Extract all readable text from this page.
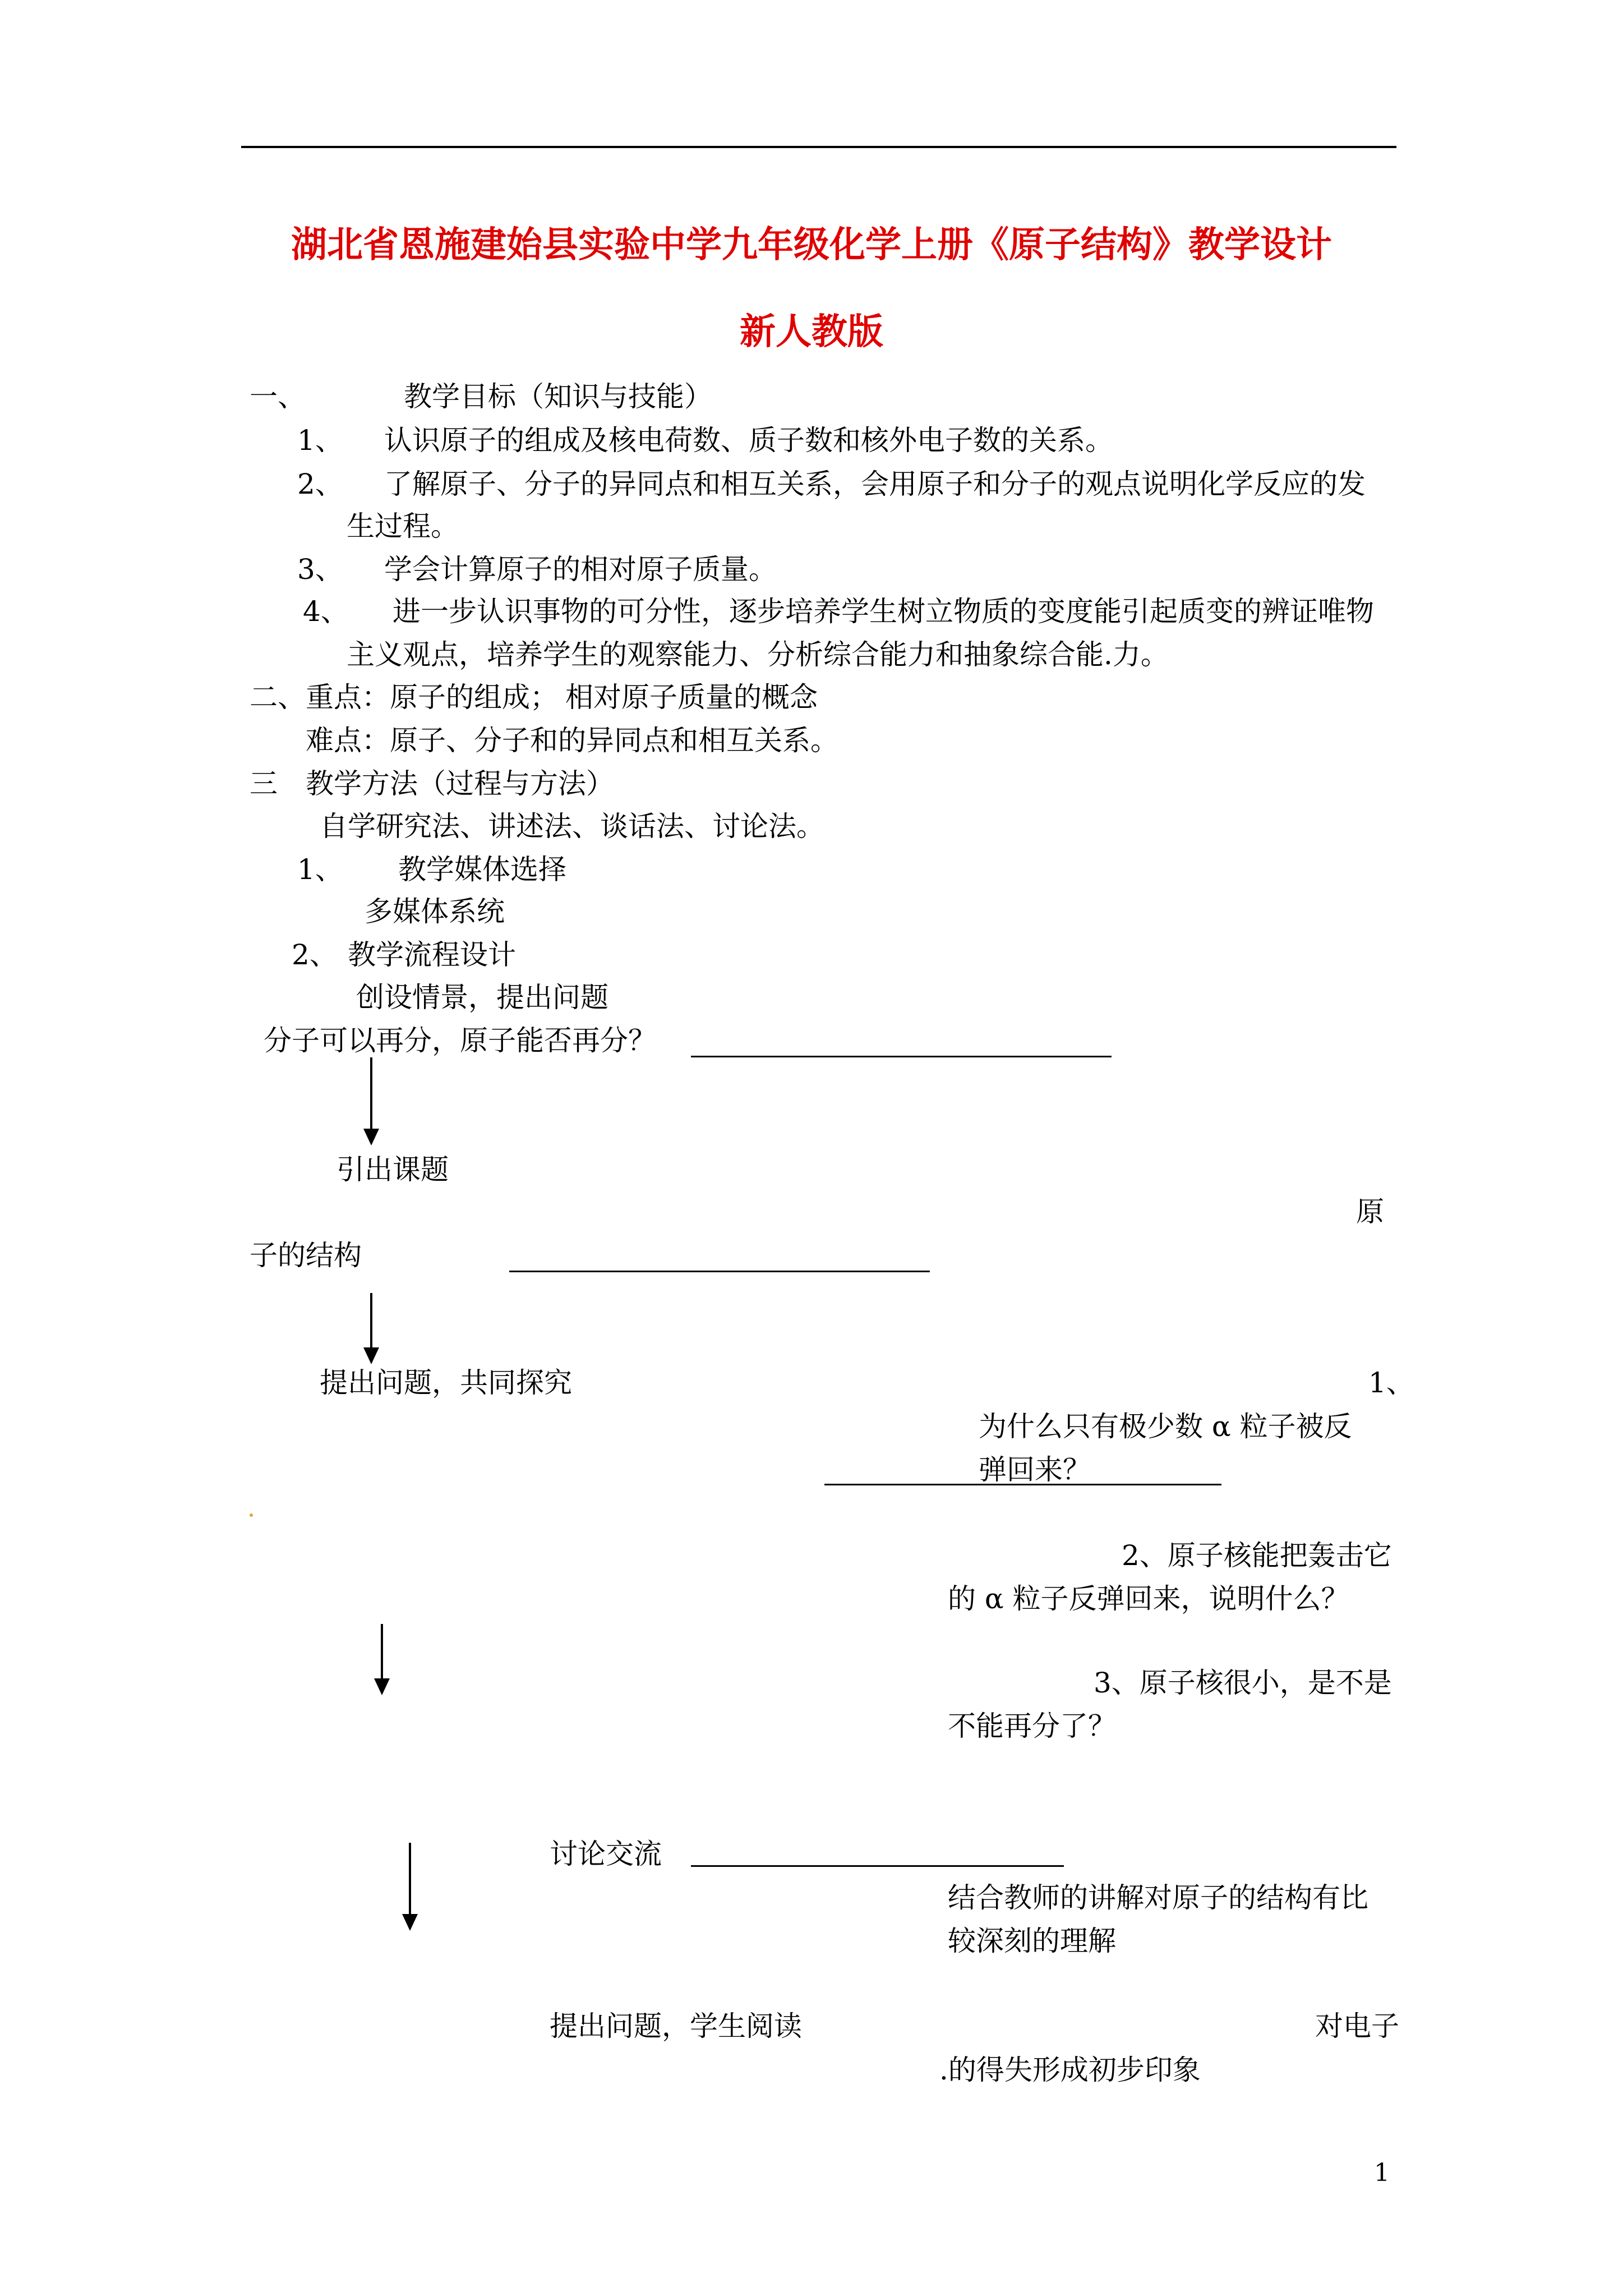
湖北省恩施建始县实验中学九年级化学上册《原子结构》教学设计
新人教版
一、	教学目标（知识与技能）
1、 认识原子的组成及核电荷数、质子数和核外电子数的关系。
2、 了解原子、分子的异同点和相互关系，会用原子和分子的观点说明化学反应的发
生过程。
3、 学会计算原子的相对原子质量。
4、 进一步认识事物的可分性，逐步培养学生树立物质的变度能引起质变的辨证唯物
主义观点，培养学生的观察能力、分析综合能力和抽象综合能.力。
二、重点：原子的组成； 相对原子质量的概念
难点：原子、分子和的异同点和相互关系。
三 教学方法（过程与方法）
自学研究法、讲述法、谈话法、讨论法。
1、 教学媒体选择
多媒体系统
2、 教学流程设计
创设情景，提出问题
分子可以再分，原子能否再分？
引出课题
原
子的结构
提出问题，共同探究	1、
为什么只有极少数 α 粒子被反
弹回来？
2、原子核能把轰击它
的 α 粒子反弹回来，说明什么？
3、原子核很小，是不是
不能再分了？
讨论交流
结合教师的讲解对原子的结构有比
较深刻的理解
提出问题，学生阅读	对电子
.的得失形成初步印象
1
